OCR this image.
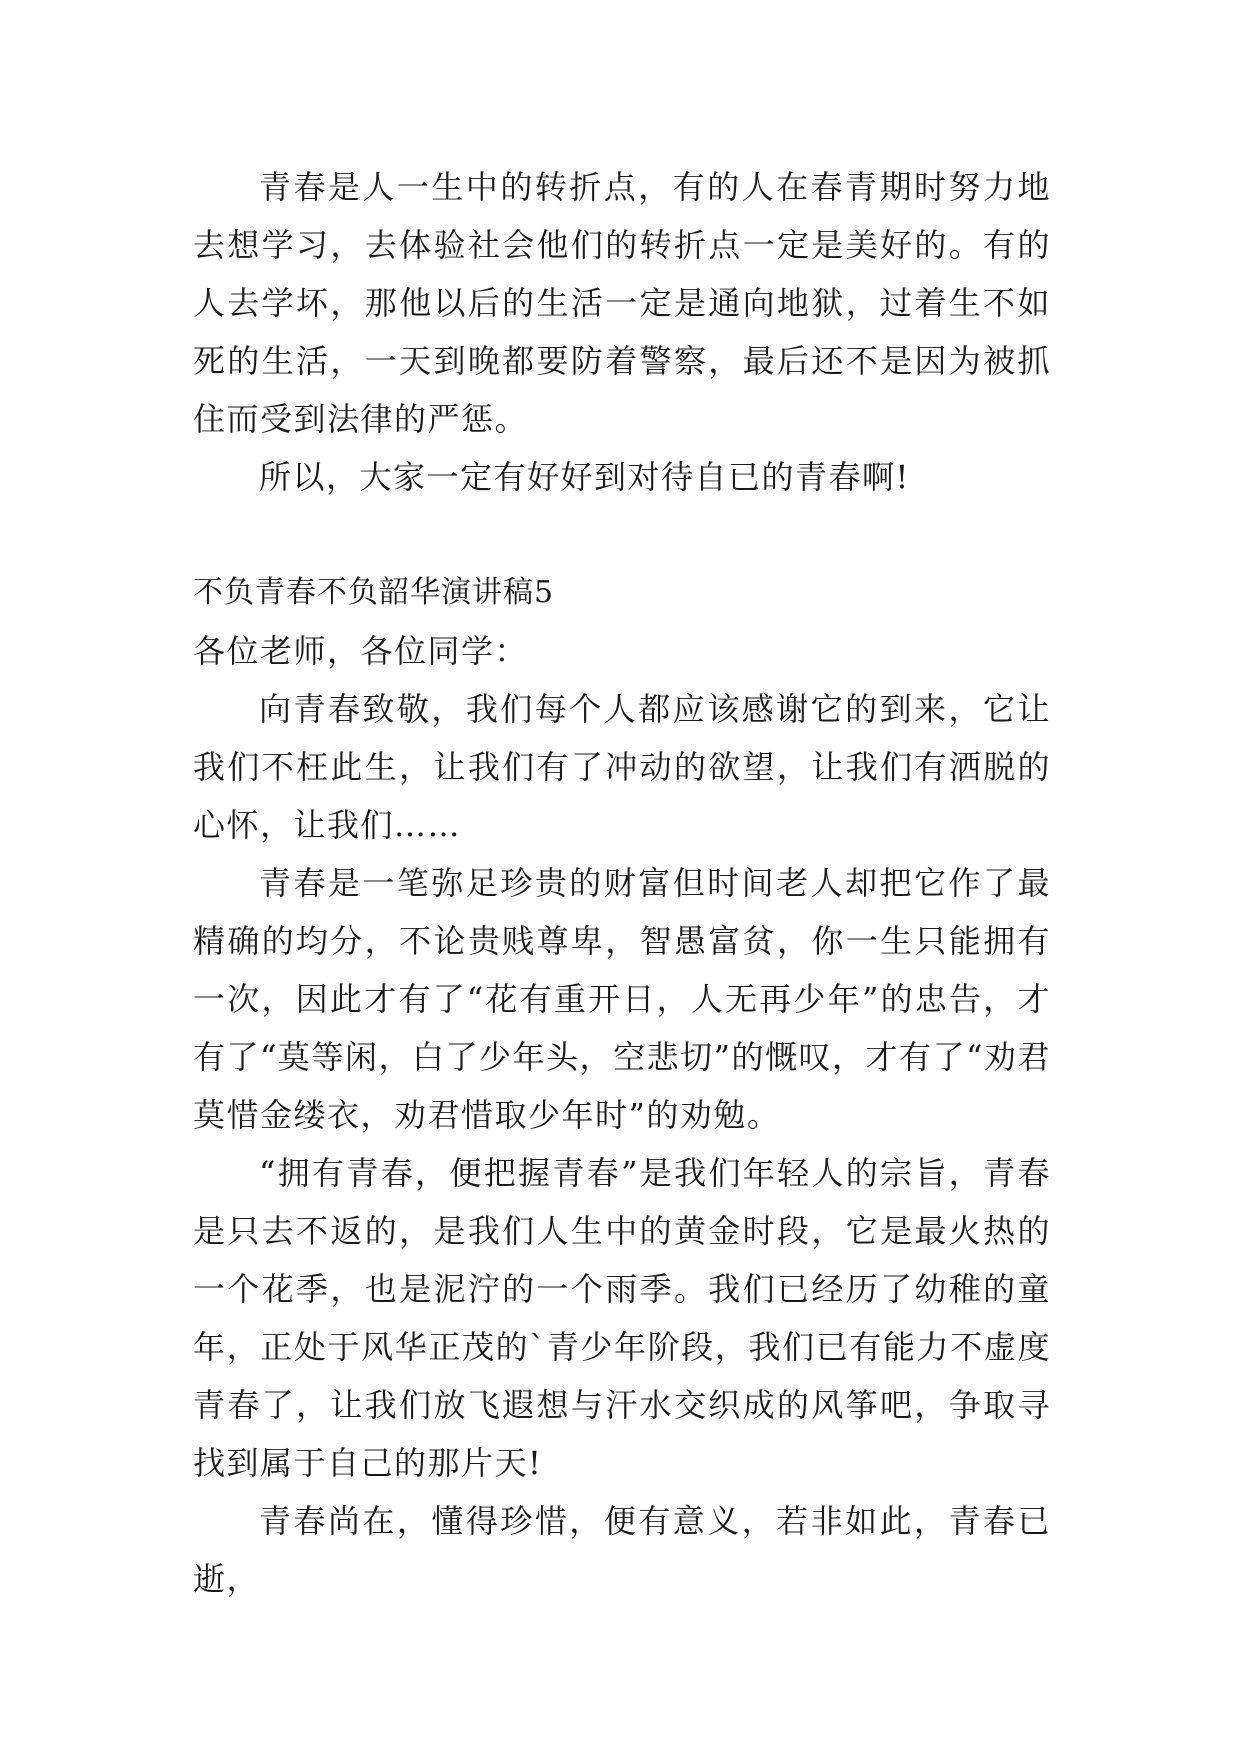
青春是人一生中的转折点，有的人在春青期时努力地去想学习，去体验社会他们的转折点一定是美好的。有的人去学坏，那他以后的生活一定是通向地狱，过着生不如死的生活，一天到晚都要防着警察，最后还不是因为被抓住而受到法律的严惩。

所以，大家一定有好好到对待自已的青春啊!

不负青春不负韶华演讲稿5

各位老师，各位同学：

向青春致敬，我们每个人都应该感谢它的到来，它让我们不枉此生，让我们有了冲动的欲望，让我们有洒脱的心怀，让我们……

青春是一笔弥足珍贵的财富但时间老人却把它作了最精确的均分，不论贵贱尊卑，智愚富贫，你一生只能拥有一次，因此才有了“花有重开日，人无再少年”的忠告，才有了“莫等闲，白了少年头，空悲切”的慨叹，才有了“劝君莫惜金缕衣，劝君惜取少年时”的劝勉。

“拥有青春，便把握青春”是我们年轻人的宗旨，青春是只去不返的，是我们人生中的黄金时段，它是最火热的一个花季，也是泥泞的一个雨季。我们已经历了幼稚的童年，正处于风华正茂的`青少年阶段，我们已有能力不虚度青春了，让我们放飞遐想与汗水交织成的风筝吧，争取寻找到属于自己的那片天!

青春尚在，懂得珍惜，便有意义，若非如此，青春已逝，
